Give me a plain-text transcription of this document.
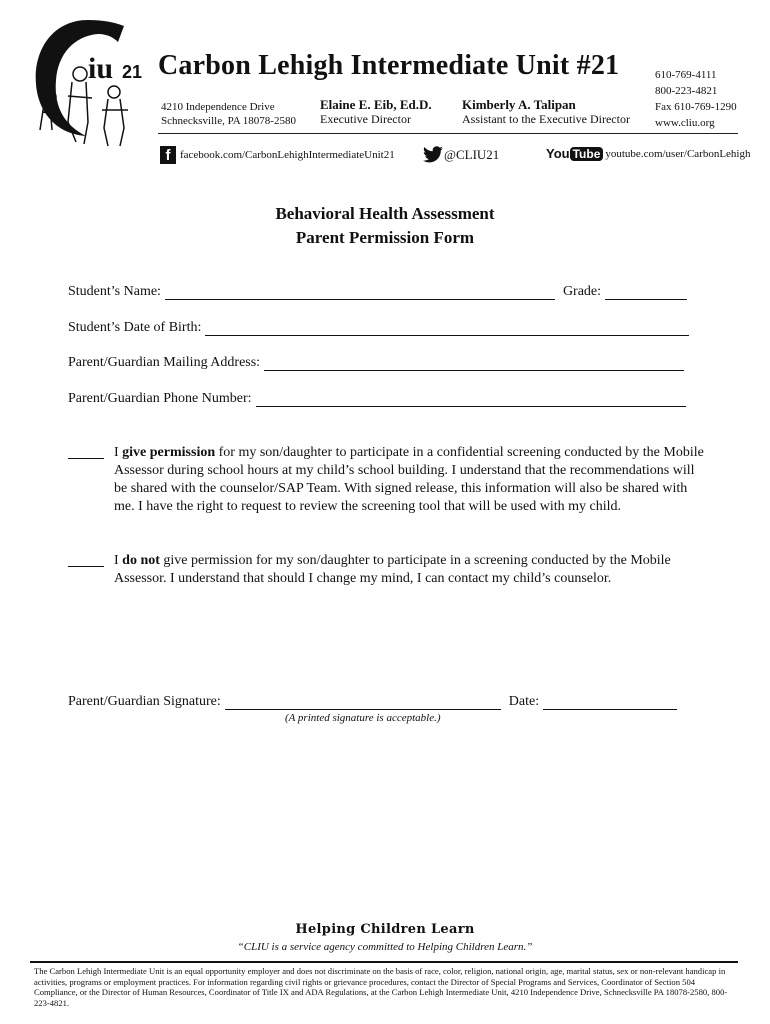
iu 21 Carbon Lehigh Intermediate Unit #21
4210 Independence Drive
Schnecksville, PA 18078-2580
Elaine E. Eib, Ed.D.
Executive Director
Kimberly A. Talipan
Assistant to the Executive Director
610-769-4111
800-223-4821
Fax 610-769-1290
www.cliu.org
f facebook.com/CarbonLehighIntermediateUnit21	@CLIU21	You Tube youtube.com/user/CarbonLehigh
Behavioral Health Assessment
Parent Permission Form
Student’s Name:	Grade:
Student’s Date of Birth:
Parent/Guardian Mailing Address:
Parent/Guardian Phone Number:
I give permission for my son/daughter to participate in a confidential screening conducted by the Mobile Assessor during school hours at my child’s school building. I understand that the recommendations will be shared with the counselor/SAP Team. With signed release, this information will also be shared with me. I have the right to request to review the screening tool that will be used with my child.
I do not give permission for my son/daughter to participate in a screening conducted by the Mobile Assessor. I understand that should I change my mind, I can contact my child’s counselor.
Parent/Guardian Signature:	Date:
(A printed signature is acceptable.)
Helping Children Learn
“CLIU is a service agency committed to Helping Children Learn.”
The Carbon Lehigh Intermediate Unit is an equal opportunity employer and does not discriminate on the basis of race, color, religion, national origin, age, marital status, sex or non-relevant handicap in activities, programs or employment practices. For information regarding civil rights or grievance procedures, contact the Director of Special Programs and Services, Coordinator of Section 504 Compliance, or the Director of Human Resources, Coordinator of Title IX and ADA Regulations, at the Carbon Lehigh Intermediate Unit, 4210 Independence Drive, Schnecksville PA 18078-2580, 800-223-4821.
